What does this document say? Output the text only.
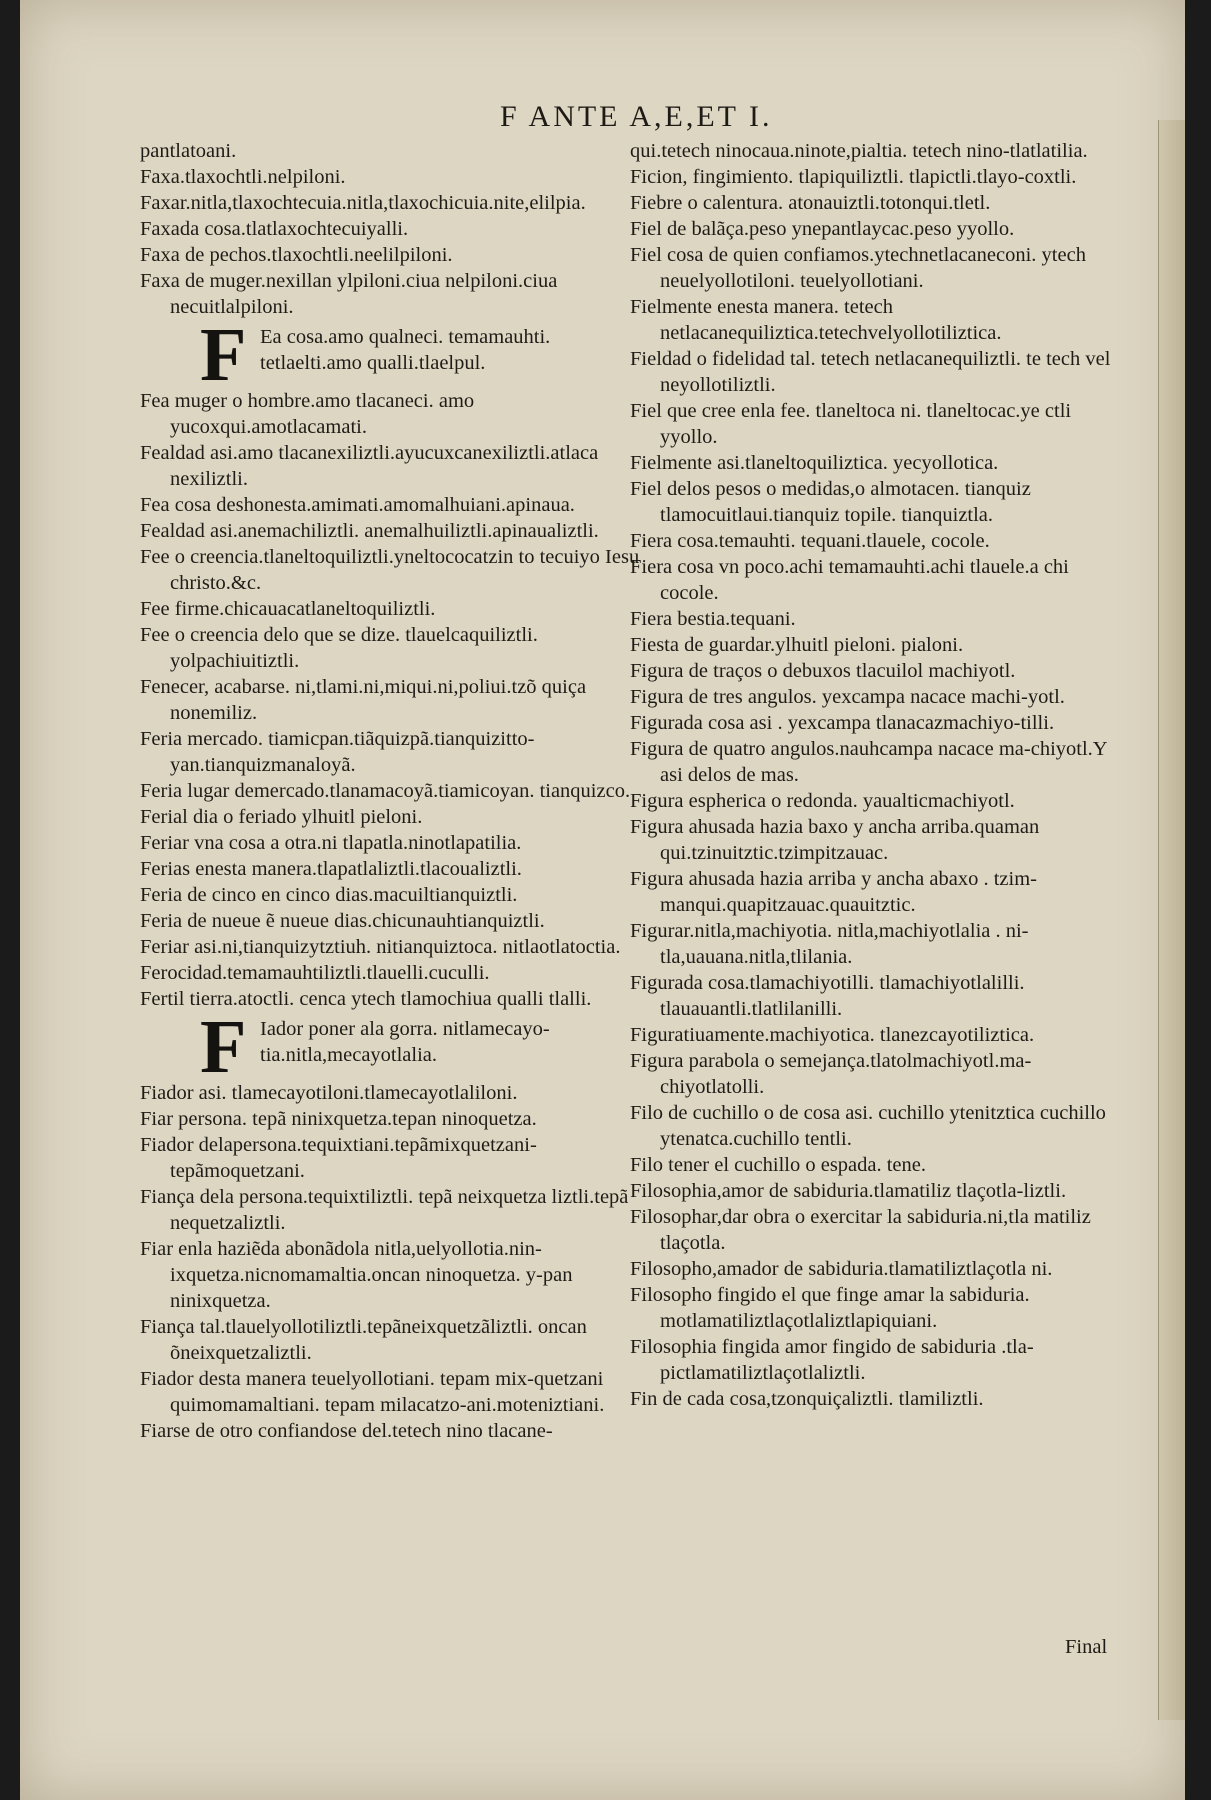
F ANTE A,E,ET I.

pantlatoani.

Faxa.tlaxochtli.nelpiloni.

Faxar.nitla,tlaxochtecuia.nitla,tlaxochicuia.nite,elilpia.

Faxada cosa.tlatlaxochtecuiyalli.

Faxa de pechos.tlaxochtli.neelilpiloni.

Faxa de muger.nexillan ylpiloni.ciua nelpiloni.ciua necuitlalpiloni.

F Ea cosa.amo qualneci. temamauhti. tetlaelti.amo qualli.tlaelpul.

Fea muger o hombre.amo tlacaneci. amo yucoxqui.amotlacamati.

Fealdad asi.amo tlacanexiliztli.ayucuxcanexiliztli.atlaca nexiliztli.

Fea cosa deshonesta.amimati.amomalhuiani.apinaua.

Fealdad asi.anemachiliztli. anemalhuiliztli.apinaualiztli.

Fee o creencia.tlaneltoquiliztli.yneltococatzin to tecuiyo Iesu christo.&c.

Fee firme.chicauacatlaneltoquiliztli.

Fee o creencia delo que se dize. tlauelcaquiliztli. yolpachiuitiztli.

Fenecer, acabarse. ni,tlami.ni,miqui.ni,poliui.tzõ quiça nonemiliz.

Feria mercado. tiamicpan.tiãquizpã.tianquizitto-yan.tianquizmanaloyã.

Feria lugar demercado.tlanamacoyã.tiamicoyan. tianquizco.

Ferial dia o feriado ylhuitl pieloni.

Feriar vna cosa a otra.ni tlapatla.ninotlapatilia.

Ferias enesta manera.tlapatlaliztli.tlacoualiztli.

Feria de cinco en cinco dias.macuiltianquiztli.

Feria de nueue ẽ nueue dias.chicunauhtianquiztli.

Feriar asi.ni,tianquizytztiuh. nitianquiztoca. nitlaotlatoctia.

Ferocidad.temamauhtiliztli.tlauelli.cuculli.

Fertil tierra.atoctli. cenca ytech tlamochiua qualli tlalli.

F Iador poner ala gorra. nitlamecayo-tia.nitla,mecayotlalia.

Fiador asi. tlamecayotiloni.tlamecayotlaliloni.

Fiar persona. tepã ninixquetza.tepan ninoquetza.

Fiador delapersona.tequixtiani.tepãmixquetzani-tepãmoquetzani.

Fiança dela persona.tequixtiliztli. tepã neixquetza liztli.tepã nequetzaliztli.

Fiar enla haziẽda abonãdola nitla,uelyollotia.nin-ixquetza.nicnomamaltia.oncan ninoquetza. y-pan ninixquetza.

Fiança tal.tlauelyollotiliztli.tepãneixquetzãliztli. oncan õneixquetzaliztli.

Fiador desta manera teuelyollotiani. tepam mix-quetzani quimomamaltiani. tepam milacatzo-ani.moteniztiani.

Fiarse de otro confiandose del.tetech nino tlacane-

qui.tetech ninocaua.ninote,pialtia. tetech nino-tlatlatilia.

Ficion, fingimiento. tlapiquiliztli. tlapictli.tlayo-coxtli.

Fiebre o calentura. atonauiztli.totonqui.tletl.

Fiel de balãça.peso ynepantlaycac.peso yyollo.

Fiel cosa de quien confiamos.ytechnetlacaneconi. ytech neuelyollotiloni. teuelyollotiani.

Fielmente enesta manera. tetech netlacanequiliztica.tetechvelyollotiliztica.

Fieldad o fidelidad tal. tetech netlacanequiliztli. te tech vel neyollotiliztli.

Fiel que cree enla fee. tlaneltoca ni. tlaneltocac.ye ctli yyollo.

Fielmente asi.tlaneltoquiliztica. yecyollotica.

Fiel delos pesos o medidas,o almotacen. tianquiz tlamocuitlaui.tianquiz topile. tianquiztla.

Fiera cosa.temauhti. tequani.tlauele, cocole.

Fiera cosa vn poco.achi temamauhti.achi tlauele.a chi cocole.

Fiera bestia.tequani.

Fiesta de guardar.ylhuitl pieloni. pialoni.

Figura de traços o debuxos tlacuilol machiyotl.

Figura de tres angulos. yexcampa nacace machi-yotl.

Figurada cosa asi . yexcampa tlanacazmachiyo-tilli.

Figura de quatro angulos.nauhcampa nacace ma-chiyotl.Y asi delos de mas.

Figura espherica o redonda. yaualticmachiyotl.

Figura ahusada hazia baxo y ancha arriba.quaman qui.tzinuitztic.tzimpitzauac.

Figura ahusada hazia arriba y ancha abaxo . tzim-manqui.quapitzauac.quauitztic.

Figurar.nitla,machiyotia. nitla,machiyotlalia . ni-tla,uauana.nitla,tlilania.

Figurada cosa.tlamachiyotilli. tlamachiyotlalilli. tlauauantli.tlatlilanilli.

Figuratiuamente.machiyotica. tlanezcayotiliztica.

Figura parabola o semejança.tlatolmachiyotl.ma-chiyotlatolli.

Filo de cuchillo o de cosa asi. cuchillo ytenitztica cuchillo ytenatca.cuchillo tentli.

Filo tener el cuchillo o espada. tene.

Filosophia,amor de sabiduria.tlamatiliz tlaçotla-liztli.

Filosophar,dar obra o exercitar la sabiduria.ni,tla matiliz tlaçotla.

Filosopho,amador de sabiduria.tlamatiliztlaçotla ni.

Filosopho fingido el que finge amar la sabiduria. motlamatiliztlaçotlaliztlapiquiani.

Filosophia fingida amor fingido de sabiduria .tla-pictlamatiliztlaçotlaliztli.

Fin de cada cosa,tzonquiçaliztli. tlamiliztli.

Final
